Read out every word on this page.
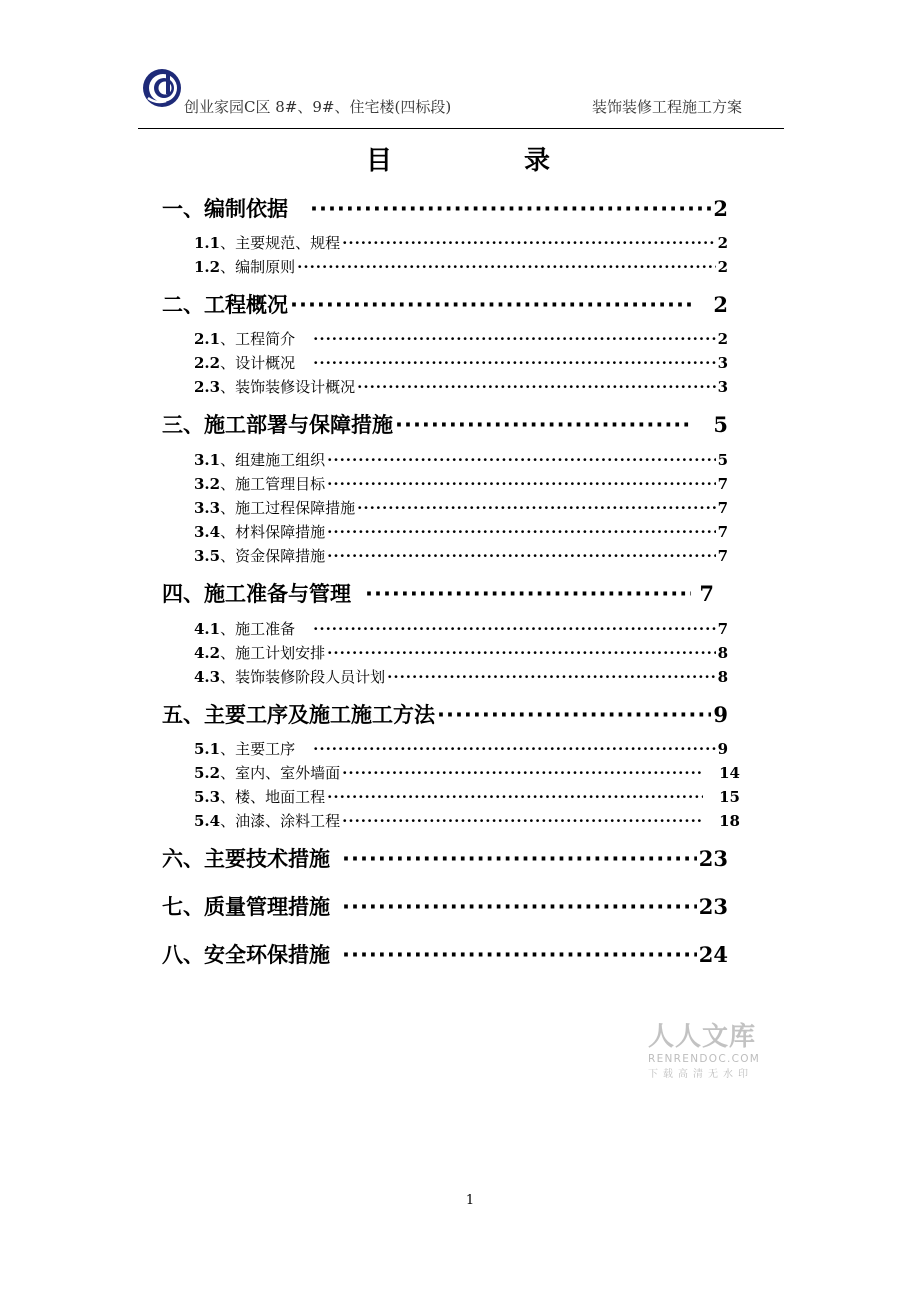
创业家园C区 8#、9#、住宅楼(四标段)	装饰装修工程施工方案
目	录
一、编制依据 ·····	2
1.1、主要规范、规程 ·····	2
1.2、编制原则 ·····	2
二、工程概况 ·····	2
2.1、工程简介 ·····	2
2.2、设计概况 ·····	3
2.3、装饰装修设计概况 ·····	3
三、施工部署与保障措施 ·····	5
3.1、组建施工组织 ·····	5
3.2、施工管理目标 ·····	7
3.3、施工过程保障措施 ·····	7
3.4、材料保障措施 ·····	7
3.5、资金保障措施 ·····	7
四、施工准备与管理 ·····	7
4.1、施工准备 ·····	7
4.2、施工计划安排 ·····	8
4.3、装饰装修阶段人员计划 ·····	8
五、主要工序及施工施工方法 ·····	9
5.1、主要工序 ·····	9
5.2、室内、室外墙面 ·····	14
5.3、楼、地面工程 ·····	15
5.4、油漆、涂料工程 ·····	18
六、主要技术措施 ·····	23
七、质量管理措施 ·····	23
八、安全环保措施 ·····	24
人人文库
RENRENDOC.COM
下载高清无水印
1
